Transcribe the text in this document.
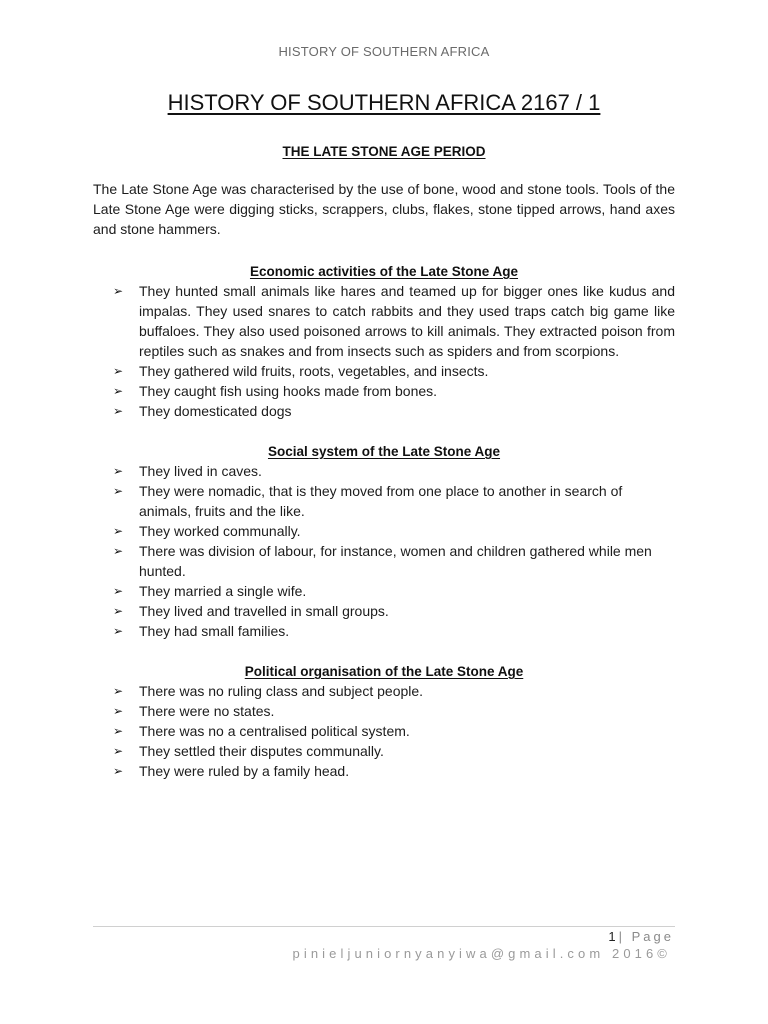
HISTORY OF SOUTHERN AFRICA
HISTORY OF SOUTHERN AFRICA 2167 / 1
THE LATE STONE AGE PERIOD

The Late Stone Age was characterised by the use of bone, wood and stone tools. Tools of the Late Stone Age were digging sticks, scrappers, clubs, flakes, stone tipped arrows, hand axes and stone hammers.

Economic activities of the Late Stone Age
➢ They hunted small animals like hares and teamed up for bigger ones like kudus and impalas. They used snares to catch rabbits and they used traps catch big game like buffaloes. They also used poisoned arrows to kill animals. They extracted poison from reptiles such as snakes and from insects such as spiders and from scorpions.
➢ They gathered wild fruits, roots, vegetables, and insects.
➢ They caught fish using hooks made from bones.
➢ They domesticated dogs
Social system of the Late Stone Age
➢ They lived in caves.
➢ They were nomadic, that is they moved from one place to another in search of animals, fruits and the like.
➢ They worked communally.
➢ There was division of labour, for instance, women and children gathered while men hunted.
➢ They married a single wife.
➢ They lived and travelled in small groups.
➢ They had small families.
Political organisation of the Late Stone Age
➢ There was no ruling class and subject people.
➢ There were no states.
➢ There was no a centralised political system.
➢ They settled their disputes communally.
➢ They were ruled by a family head.
1| Page
pinieljuniornyanyiwa@gmail.com 2016©
